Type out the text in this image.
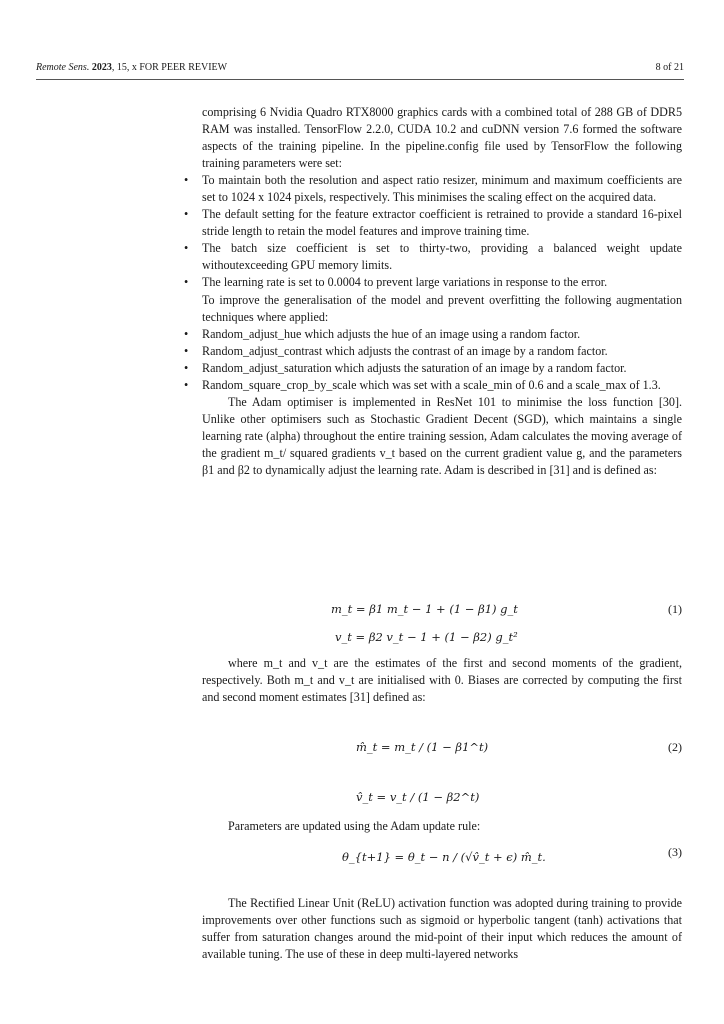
Remote Sens. 2023, 15, x FOR PEER REVIEW	8 of 21

comprising 6 Nvidia Quadro RTX8000 graphics cards with a combined total of 288 GB of DDR5 RAM was installed. TensorFlow 2.2.0, CUDA 10.2 and cuDNN version 7.6 formed the software aspects of the training pipeline. In the pipeline.config file used by TensorFlow the following training parameters were set:

• To maintain both the resolution and aspect ratio resizer, minimum and maximum coefficients are set to 1024 x 1024 pixels, respectively. This minimises the scaling effect on the acquired data.
• The default setting for the feature extractor coefficient is retrained to provide a standard 16-pixel stride length to retain the model features and improve training time.
• The batch size coefficient is set to thirty-two, providing a balanced weight update withoutexceeding GPU memory limits.
• The learning rate is set to 0.0004 to prevent large variations in response to the error.

To improve the generalisation of the model and prevent overfitting the following augmentation techniques where applied:

• Random_adjust_hue which adjusts the hue of an image using a random factor.
• Random_adjust_contrast which adjusts the contrast of an image by a random factor.
• Random_adjust_saturation which adjusts the saturation of an image by a random factor.
• Random_square_crop_by_scale which was set with a scale_min of 0.6 and a scale_max of 1.3.

The Adam optimiser is implemented in ResNet 101 to minimise the loss function [30]. Unlike other optimisers such as Stochastic Gradient Decent (SGD), which maintains a single learning rate (alpha) throughout the entire training session, Adam calculates the moving average of the gradient m_t/ squared gradients v_t based on the current gradient value g, and the parameters β1 and β2 to dynamically adjust the learning rate. Adam is described in [31] and is defined as:

m_t = β1 m_t − 1 + (1 − β1) g_t	(1)
v_t = β2 v_t − 1 + (1 − β2) g_t²

where m_t and v_t are the estimates of the first and second moments of the gradient, respectively. Both m_t and v_t are initialised with 0. Biases are corrected by computing the first and second moment estimates [31] defined as:

m̂_t = m_t / (1 − β1^t)	(2)
v̂_t = v_t / (1 − β2^t)

Parameters are updated using the Adam update rule:

θ_{t+1} = θ_t − n / (√v̂_t + ϵ) m̂_t.	(3)

The Rectified Linear Unit (ReLU) activation function was adopted during training to provide improvements over other functions such as sigmoid or hyperbolic tangent (tanh) activations that suffer from saturation changes around the mid-point of their input which reduces the amount of available tuning. The use of these in deep multi-layered networks
